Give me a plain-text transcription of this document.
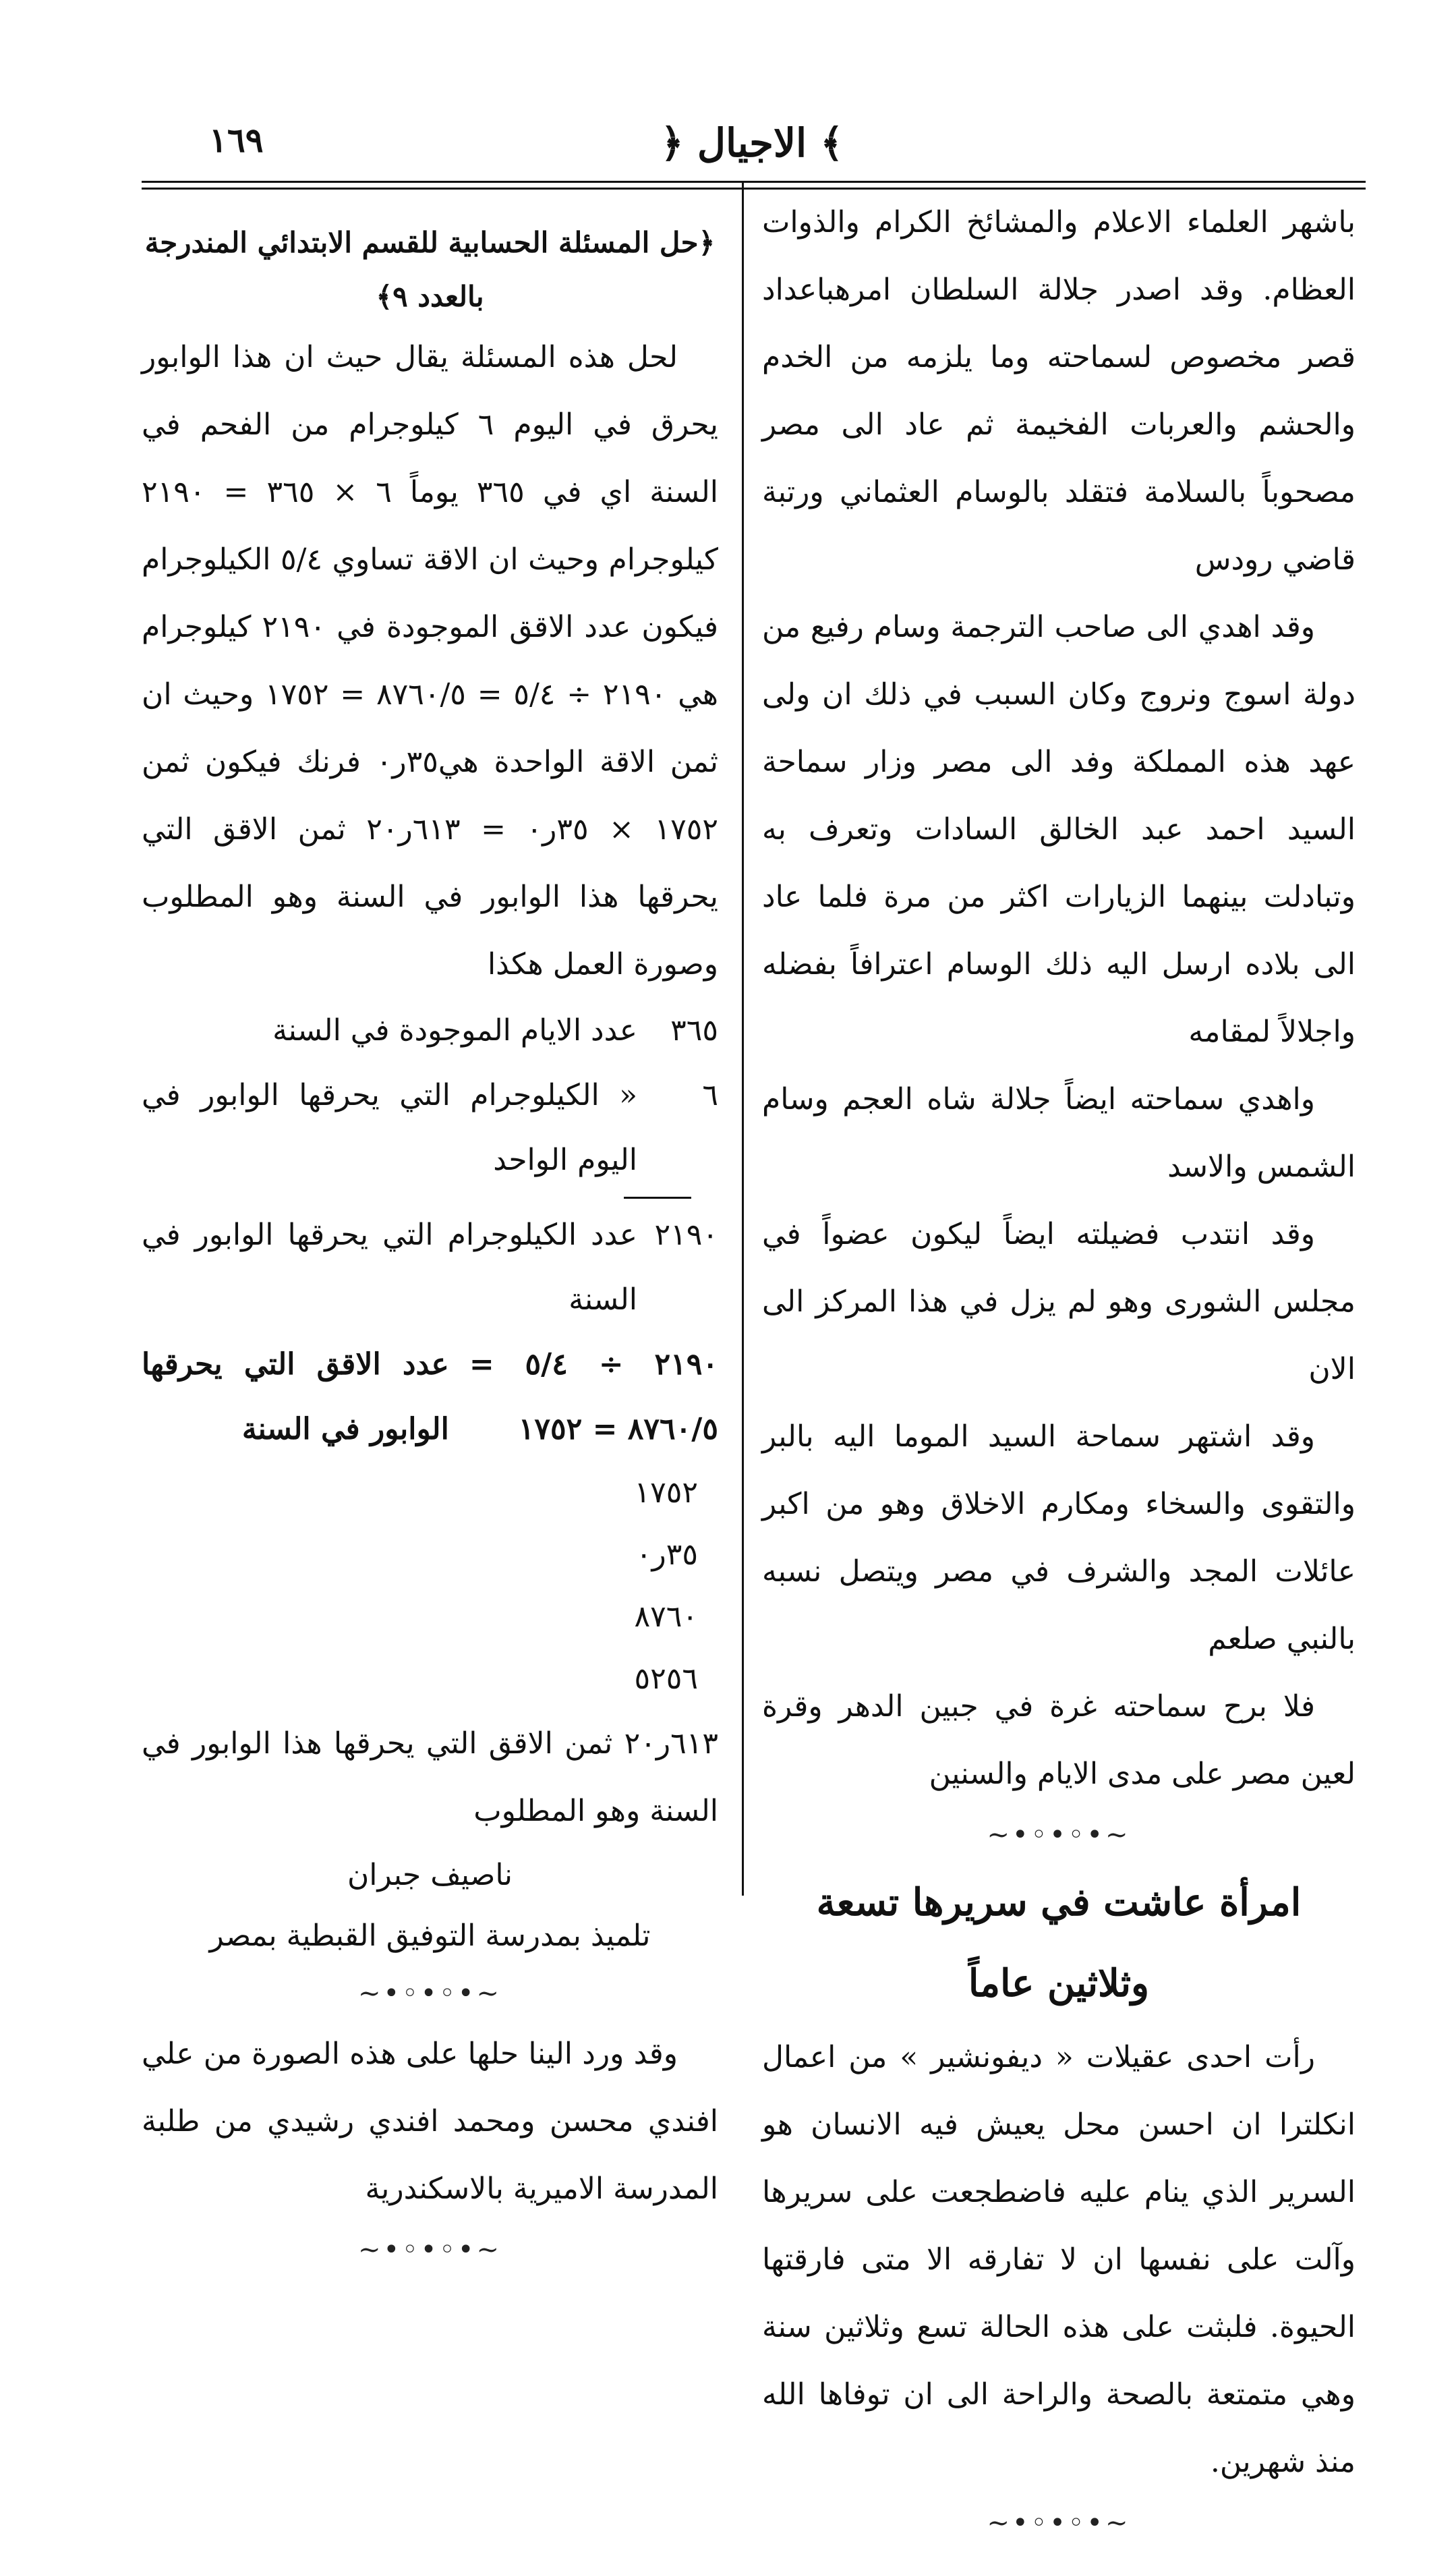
١٦٩	﴿ الاجيال ﴾

باشهر العلماء الاعلام والمشائخ الكرام والذوات العظام. وقد اصدر جلالة السلطان امرهباعداد قصر مخصوص لسماحته وما يلزمه من الخدم والحشم والعربات الفخيمة ثم عاد الى مصر مصحوباً بالسلامة فتقلد بالوسام العثماني ورتبة قاضي رودس

وقد اهدي الى صاحب الترجمة وسام رفيع من دولة اسوج ونروج وكان السبب في ذلك ان ولى عهد هذه المملكة وفد الى مصر وزار سماحة السيد احمد عبد الخالق السادات وتعرف به وتبادلت بينهما الزيارات اكثر من مرة فلما عاد الى بلاده ارسل اليه ذلك الوسام اعترافاً بفضله واجلالاً لمقامه

واهدي سماحته ايضاً جلالة شاه العجم وسام الشمس والاسد

وقد انتدب فضيلته ايضاً ليكون عضواً في مجلس الشورى وهو لم يزل في هذا المركز الى الان

وقد اشتهر سماحة السيد الموما اليه بالبر والتقوى والسخاء ومكارم الاخلاق وهو من اكبر عائلات المجد والشرف في مصر ويتصل نسبه بالنبي صلعم

فلا برح سماحته غرة في جبين الدهر وقرة لعين مصر على مدى الايام والسنين

~•◦•◦•~
امرأة عاشت في سريرها تسعة وثلاثين عاماً

رأت احدى عقيلات « ديفونشير » من اعمال انكلترا ان احسن محل يعيش فيه الانسان هو السرير الذي ينام عليه فاضطجعت على سريرها وآلت على نفسها ان لا تفارقه الا متى فارقتها الحيوة. فلبثت على هذه الحالة تسع وثلاثين سنة وهي متمتعة بالصحة والراحة الى ان توفاها الله منذ شهرين.

~•◦•◦•~
﴿حل المسئلة الحسابية للقسم الابتدائي المندرجة بالعدد ٩﴾

لحل هذه المسئلة يقال حيث ان هذا الوابور يحرق في اليوم ٦ كيلوجرام من الفحم في السنة اي في ٣٦٥ يوماً ٦ × ٣٦٥ = ٢١٩٠ كيلوجرام وحيث ان الاقة تساوي ٥/٤ الكيلوجرام فيكون عدد الاقق الموجودة في ٢١٩٠ كيلوجرام هي ٢١٩٠ ÷ ٥/٤ = ٨٧٦٠/٥ = ١٧٥٢ وحيث ان ثمن الاقة الواحدة هي٣٥ر٠ فرنك فيكون ثمن ١٧٥٢ × ٣٥ر٠ = ٦١٣ر٢٠ ثمن الاقق التي يحرقها هذا الوابور في السنة وهو المطلوب وصورة العمل هكذا

٣٦٥
عدد الايام الموجودة في السنة
٦
« الكيلوجرام التي يحرقها الوابور في اليوم الواحد
٢١٩٠
عدد الكيلوجرام التي يحرقها الوابور في السنة
٢١٩٠ ÷ ٥/٤ = ٨٧٦٠/٥ = ١٧٥٢
عدد الاقق التي يحرقها الوابور في السنة
١٧٥٢
٣٥ر٠
٨٧٦٠
٥٢٥٦

٦١٣ر٢٠ ثمن الاقق التي يحرقها هذا الوابور في السنة وهو المطلوب

ناصيف جبران
تلميذ بمدرسة التوفيق القبطية بمصر

~•◦•◦•~

وقد ورد الينا حلها على هذه الصورة من علي افندي محسن ومحمد افندي رشيدي من طلبة المدرسة الاميرية بالاسكندرية

~•◦•◦•~
